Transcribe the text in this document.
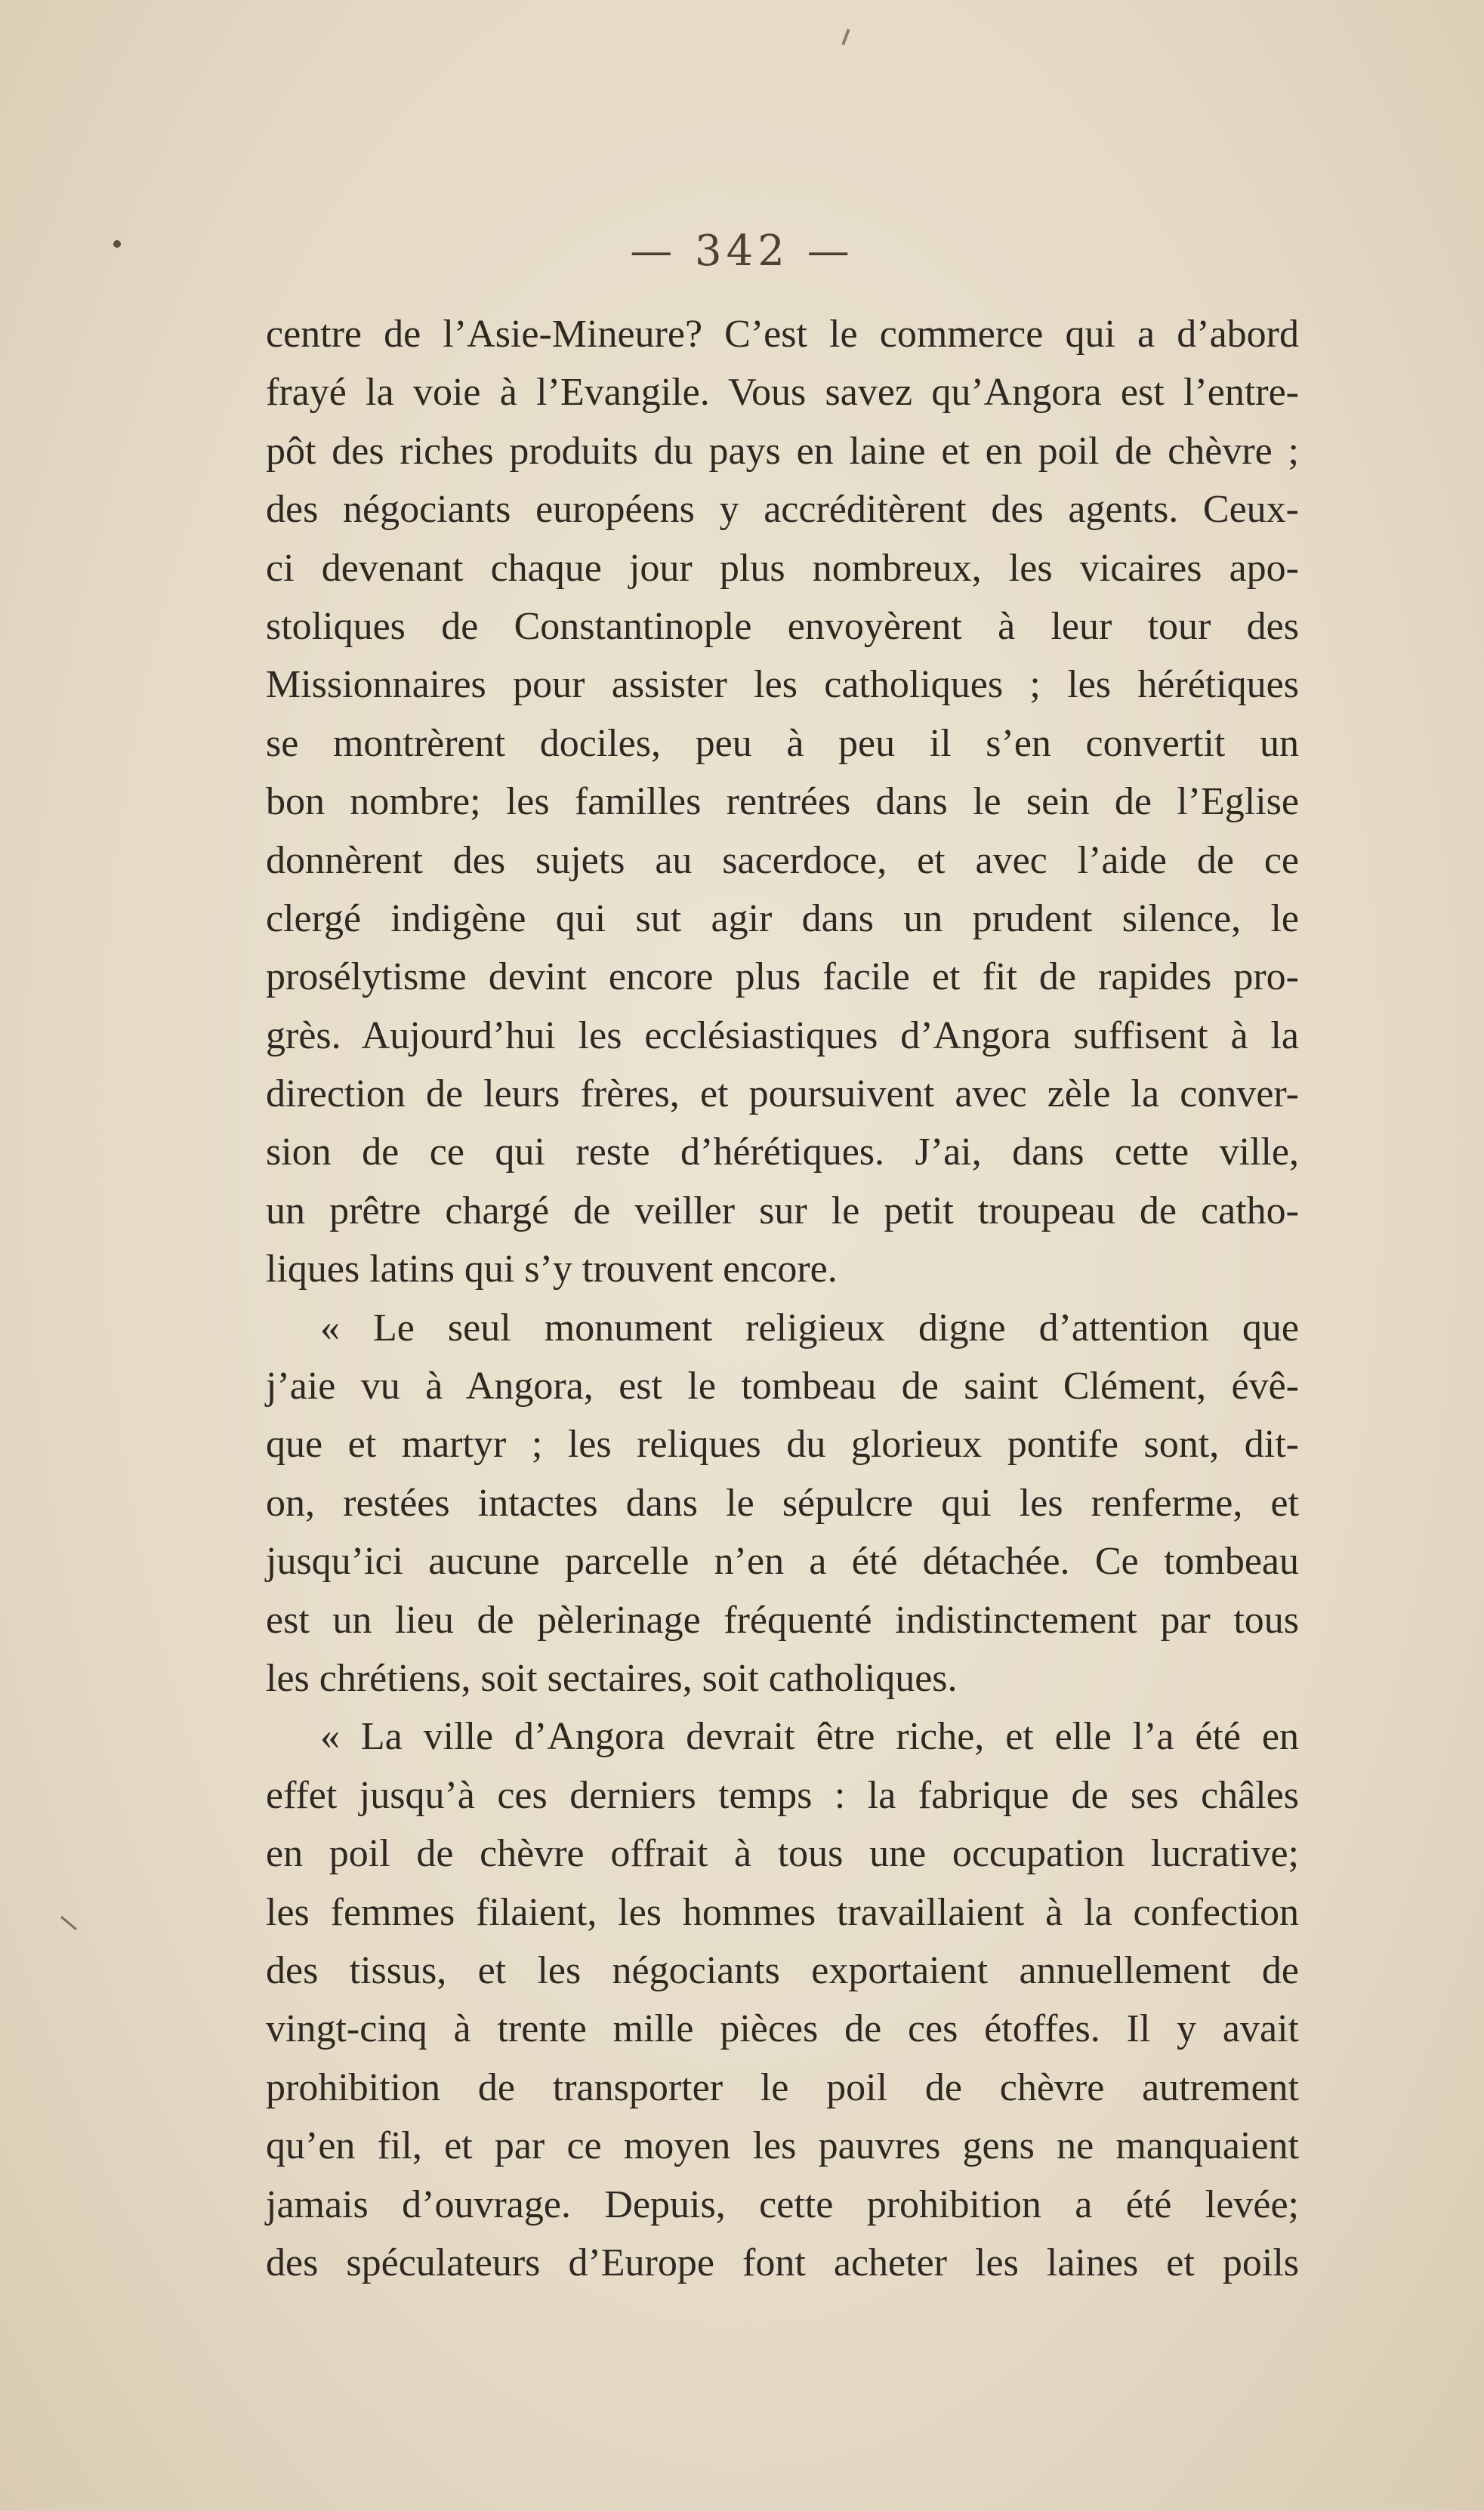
— 342 —
centre de l’Asie-Mineure? C’est le commerce qui a d’abord
frayé la voie à l’Evangile. Vous savez qu’Angora est l’entre-
pôt des riches produits du pays en laine et en poil de chèvre ;
des négociants européens y accréditèrent des agents. Ceux-
ci devenant chaque jour plus nombreux, les vicaires apo-
stoliques de Constantinople envoyèrent à leur tour des
Missionnaires pour assister les catholiques ; les hérétiques
se montrèrent dociles, peu à peu il s’en convertit un
bon nombre; les familles rentrées dans le sein de l’Eglise
donnèrent des sujets au sacerdoce, et avec l’aide de ce
clergé indigène qui sut agir dans un prudent silence, le
prosélytisme devint encore plus facile et fit de rapides pro-
grès. Aujourd’hui les ecclésiastiques d’Angora suffisent à la
direction de leurs frères, et poursuivent avec zèle la conver-
sion de ce qui reste d’hérétiques. J’ai, dans cette ville,
un prêtre chargé de veiller sur le petit troupeau de catho-
liques latins qui s’y trouvent encore.
« Le seul monument religieux digne d’attention que
j’aie vu à Angora, est le tombeau de saint Clément, évê-
que et martyr ; les reliques du glorieux pontife sont, dit-
on, restées intactes dans le sépulcre qui les renferme, et
jusqu’ici aucune parcelle n’en a été détachée. Ce tombeau
est un lieu de pèlerinage fréquenté indistinctement par tous
les chrétiens, soit sectaires, soit catholiques.
« La ville d’Angora devrait être riche, et elle l’a été en
effet jusqu’à ces derniers temps : la fabrique de ses châles
en poil de chèvre offrait à tous une occupation lucrative;
les femmes filaient, les hommes travaillaient à la confection
des tissus, et les négociants exportaient annuellement de
vingt-cinq à trente mille pièces de ces étoffes. Il y avait
prohibition de transporter le poil de chèvre autrement
qu’en fil, et par ce moyen les pauvres gens ne manquaient
jamais d’ouvrage. Depuis, cette prohibition a été levée;
des spéculateurs d’Europe font acheter les laines et poils
